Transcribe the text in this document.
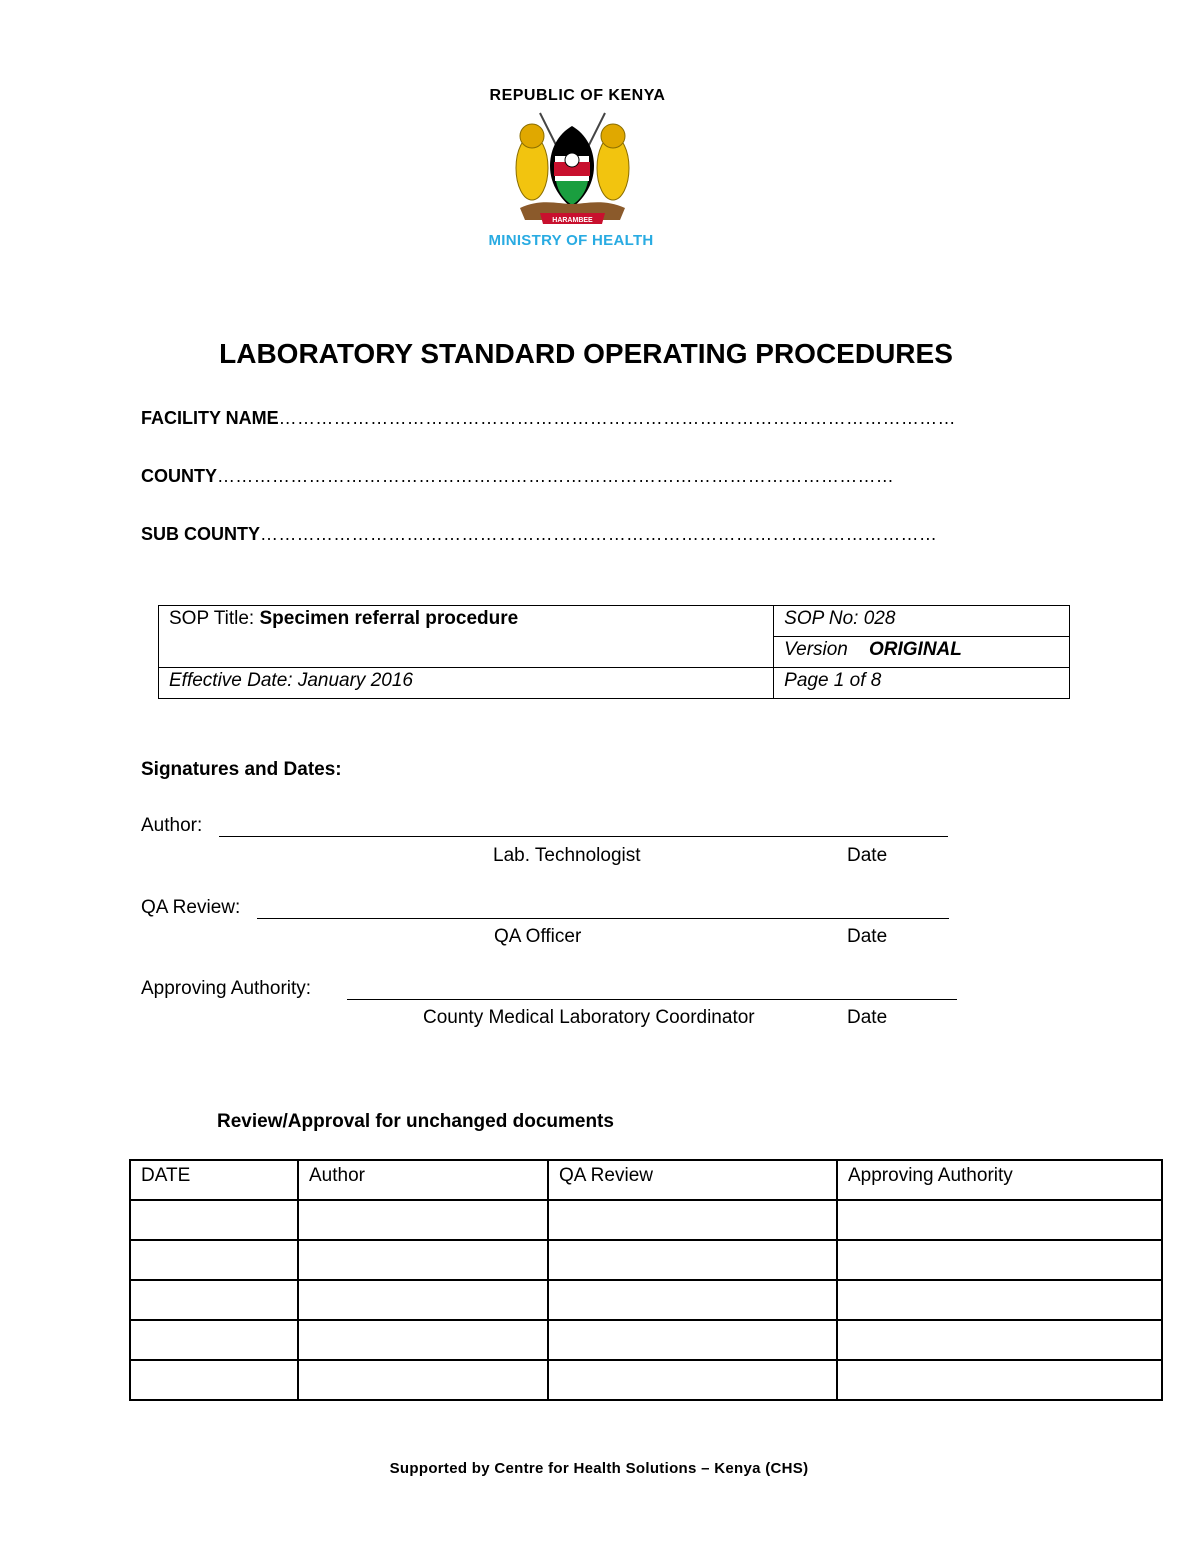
REPUBLIC OF KENYA
HARAMBEE
MINISTRY OF HEALTH
LABORATORY STANDARD OPERATING PROCEDURES
FACILITY NAME…………………………………………………………………………………………………
COUNTY…………………………………………………………………………………………………
SUB COUNTY…………………………………………………………………………………………………
SOP Title: Specimen referral procedure	SOP No: 028
	Version ORIGINAL
Effective Date: January 2016	Page 1 of 8
Signatures and Dates:
Author:
Lab. Technologist	Date
QA Review:
QA Officer	Date
Approving Authority:
County Medical Laboratory Coordinator	Date
Review/Approval for unchanged documents
DATE	Author	QA Review	Approving Authority

Supported by Centre for Health Solutions – Kenya (CHS)
